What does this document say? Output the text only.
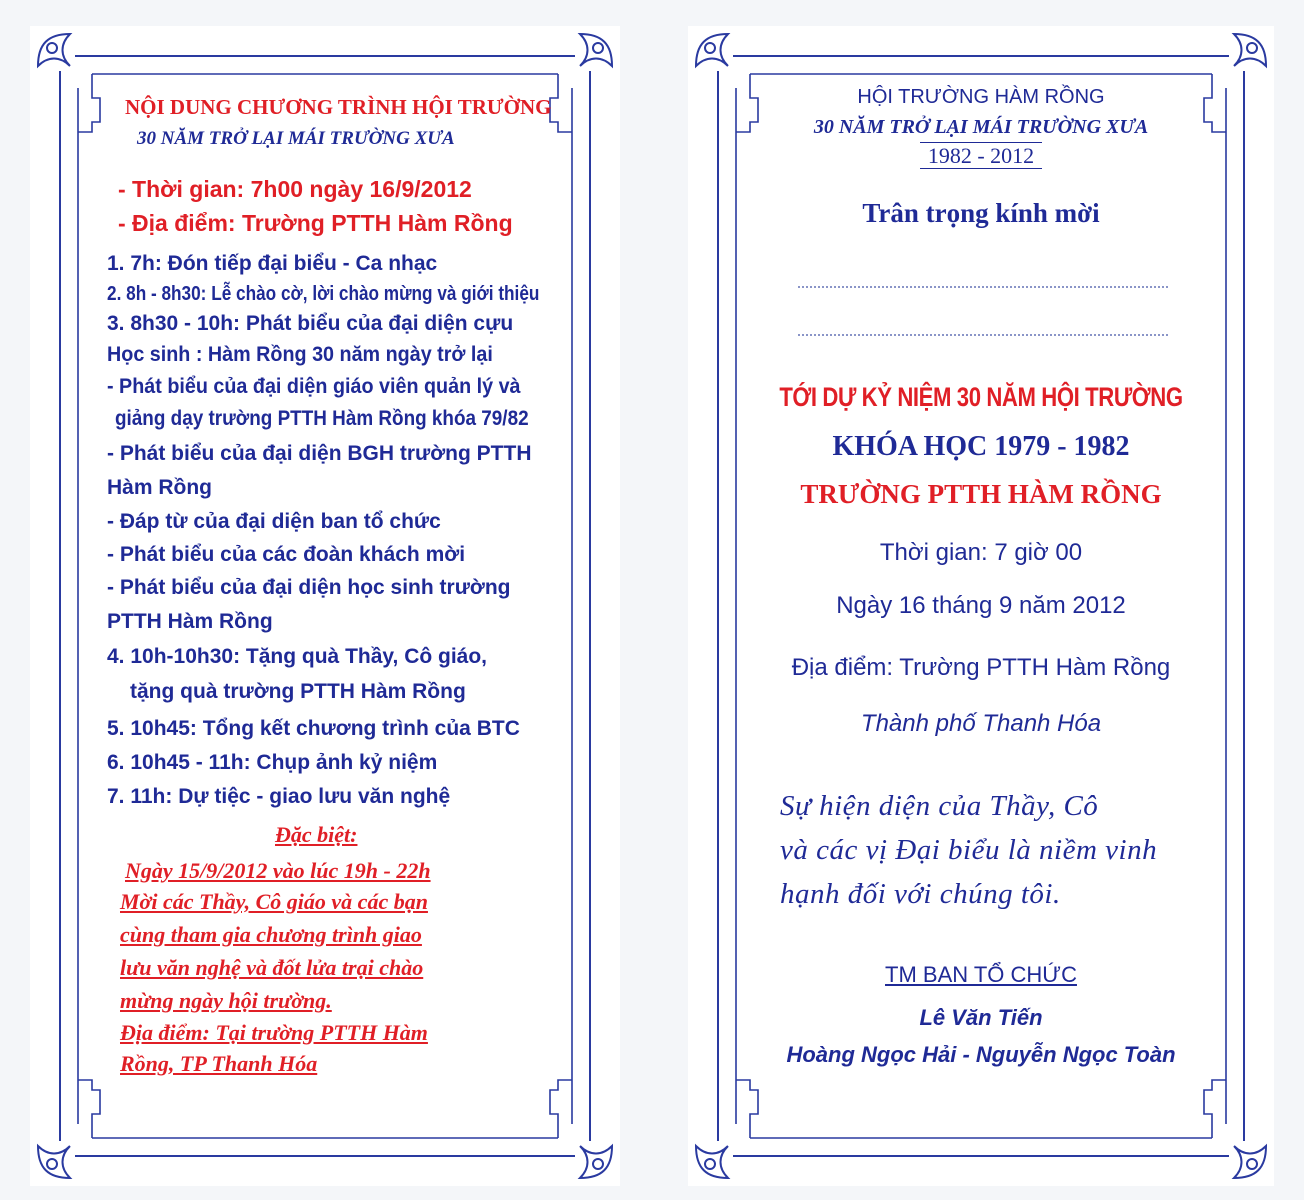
NỘI DUNG CHƯƠNG TRÌNH HỘI TRƯỜNG

30 NĂM TRỞ LẠI MÁI TRƯỜNG XƯA

- Thời gian: 7h00 ngày 16/9/2012

- Địa điểm: Trường PTTH Hàm Rồng

1. 7h: Đón tiếp đại biểu - Ca nhạc

2. 8h - 8h30: Lễ chào cờ, lời chào mừng và giới thiệu

3. 8h30 - 10h: Phát biểu của đại diện cựu

Học sinh : Hàm Rồng 30 năm ngày trở lại

- Phát biểu của đại diện giáo viên quản lý và

giảng dạy trường PTTH Hàm Rồng khóa 79/82

- Phát biểu của đại diện BGH trường PTTH

Hàm Rồng

- Đáp từ của đại diện ban tổ chức

- Phát biểu của các đoàn khách mời

- Phát biểu của đại diện học sinh trường

PTTH Hàm Rồng

4. 10h-10h30: Tặng quà Thầy, Cô giáo,

tặng quà trường PTTH Hàm Rồng

5. 10h45: Tổng kết chương trình của BTC

6. 10h45 - 11h: Chụp ảnh kỷ niệm

7. 11h: Dự tiệc - giao lưu văn nghệ

Đặc biệt:

Ngày 15/9/2012 vào lúc 19h - 22h

Mời các Thầy, Cô giáo và các bạn

cùng tham gia chương trình giao

lưu văn nghệ và đốt lửa trại chào

mừng ngày hội trường.

Địa điểm: Tại trường PTTH Hàm

Rồng, TP Thanh Hóa

HỘI TRƯỜNG HÀM RỒNG

30 NĂM TRỞ LẠI MÁI TRƯỜNG XƯA

1982 - 2012

Trân trọng kính mời

TỚI DỰ KỶ NIỆM 30 NĂM HỘI TRƯỜNG

KHÓA HỌC 1979 - 1982

TRƯỜNG PTTH HÀM RỒNG

Thời gian: 7 giờ 00

Ngày 16 tháng 9 năm 2012

Địa điểm: Trường PTTH Hàm Rồng

Thành phố Thanh Hóa

Sự hiện diện của Thầy, Cô

và các vị Đại biểu là niềm vinh

hạnh đối với chúng tôi.

TM BAN TỔ CHỨC

Lê Văn Tiến

Hoàng Ngọc Hải - Nguyễn Ngọc Toàn
